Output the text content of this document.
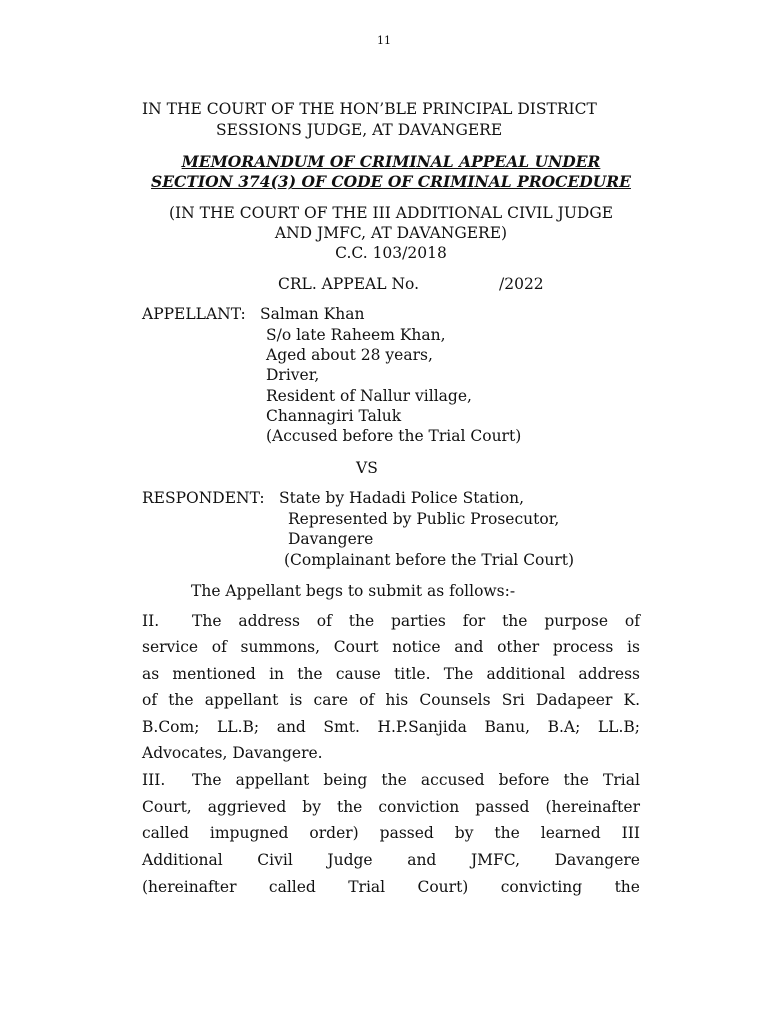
11
IN THE COURT OF THE HON’BLE PRINCIPAL DISTRICT
SESSIONS JUDGE, AT DAVANGERE
MEMORANDUM OF CRIMINAL APPEAL UNDER
SECTION 374(3) OF CODE OF CRIMINAL PROCEDURE
(IN THE COURT OF THE III ADDITIONAL CIVIL JUDGE
AND JMFC, AT DAVANGERE)
C.C. 103/2018
CRL. APPEAL No.	/2022
APPELLANT: Salman Khan
S/o late Raheem Khan,
Aged about 28 years,
Driver,
Resident of Nallur village,
Channagiri Taluk
(Accused before the Trial Court)
VS
RESPONDENT: State by Hadadi Police Station,
Represented by Public Prosecutor,
Davangere
(Complainant before the Trial Court)
The Appellant begs to submit as follows:-
II. The address of the parties for the purpose of
service of summons, Court notice and other process is
as mentioned in the cause title. The additional address
of the appellant is care of his Counsels Sri Dadapeer K.
B.Com; LL.B; and Smt. H.P.Sanjida Banu, B.A; LL.B;
Advocates, Davangere.
III. The appellant being the accused before the Trial
Court, aggrieved by the conviction passed (hereinafter
called impugned order) passed by the learned III
Additional Civil Judge and JMFC, Davangere
(hereinafter called Trial Court) convicting the
